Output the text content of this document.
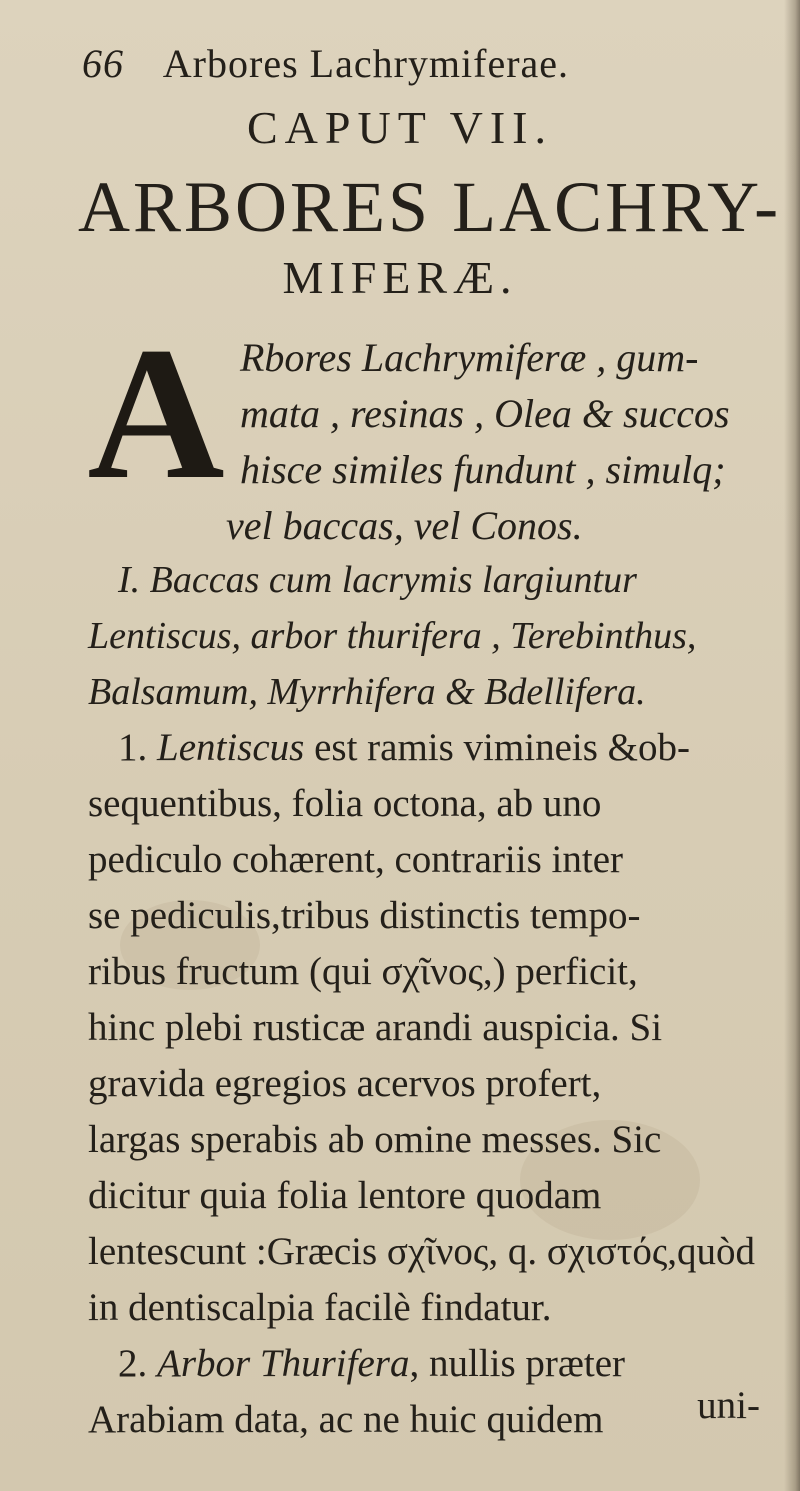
66 Arbores Lachrymiferae.
CAPUT VII.
ARBORES LACHRY-
MIFERÆ.
A Rbores Lachrymiferæ , gum-
mata , resinas , Olea & succos
hisce similes fundunt , simulq;
vel baccas, vel Conos.
I. Baccas cum lacrymis largiuntur
Lentiscus, arbor thurifera , Terebinthus,
Balsamum, Myrrhifera & Bdellifera.
1. Lentiscus est ramis vimineis &ob-
sequentibus, folia octona, ab uno
pediculo cohærent, contrariis inter
se pediculis,tribus distinctis tempo-
ribus fructum (qui σχῖνος,) perficit,
hinc plebi rusticæ arandi auspicia. Si
gravida egregios acervos profert,
largas sperabis ab omine messes. Sic
dicitur quia folia lentore quodam
lentescunt :Græcis σχῖνος, q. σχιστός,quòd
in dentiscalpia facilè findatur.
2. Arbor Thurifera, nullis præter
Arabiam data, ac ne huic quidem	uni-
